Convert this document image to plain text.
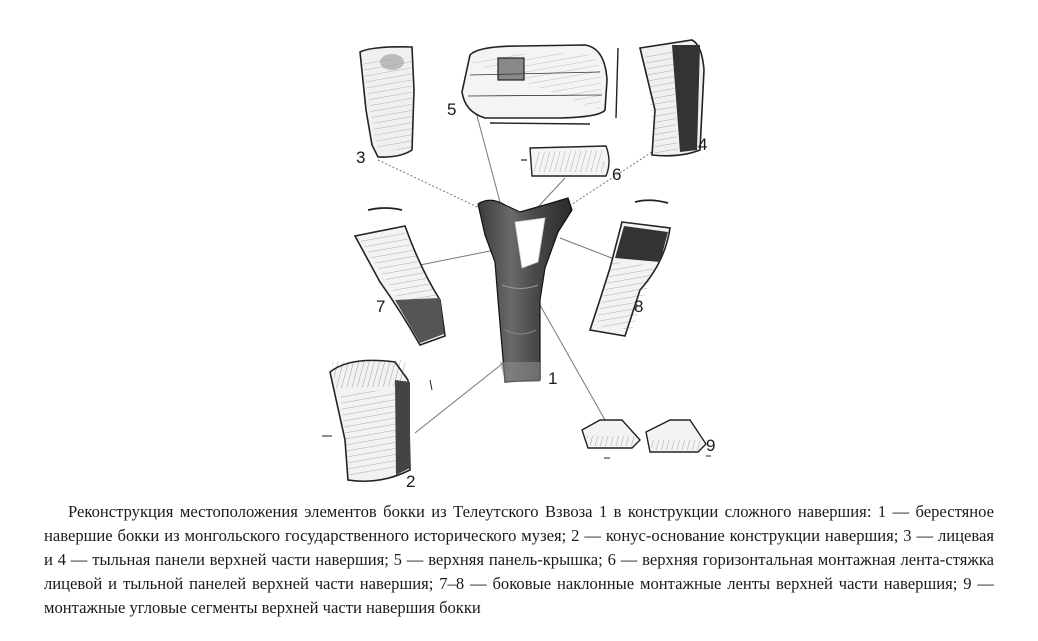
1
2
3
4
5
6
7	8
9

Реконструкция местоположения элементов бокки из Телеутского Взвоза 1 в конструкции сложного навершия: 1 — берестяное навершие бокки из монгольского государственного исторического музея; 2 — конус-основание конструкции навершия; 3 — лицевая и 4 — тыльная панели верхней части навершия; 5 — верхняя панель-крышка; 6 — верхняя горизонтальная монтажная лента-стяжка лицевой и тыльной панелей верхней части навершия; 7–8 — боковые наклонные монтажные ленты верхней части навершия; 9 — монтажные угловые сегменты верхней части навершия бокки
